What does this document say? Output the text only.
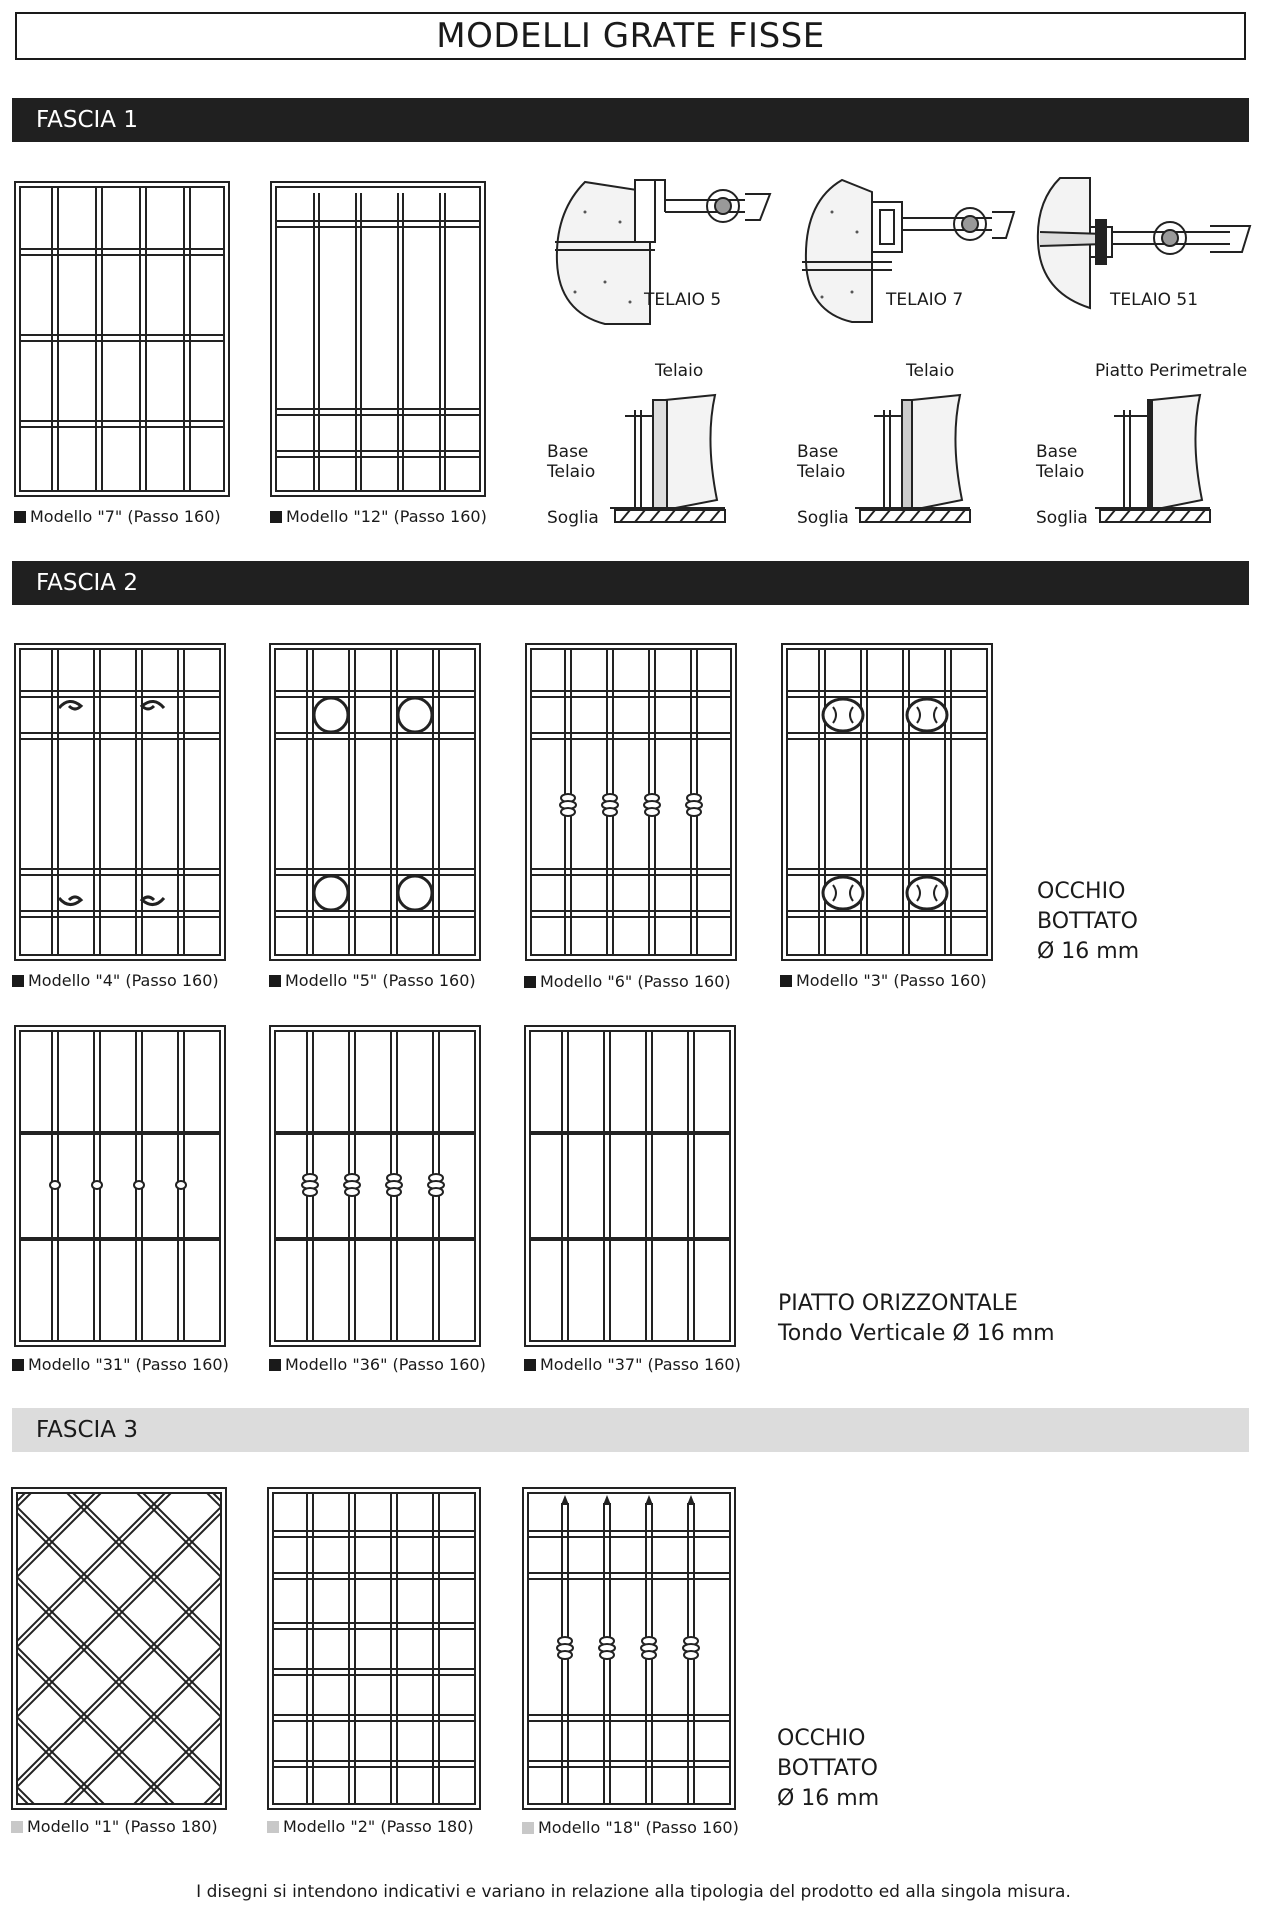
MODELLI GRATE FISSE
FASCIA 1
Modello "7" (Passo 160)	Modello "12" (Passo 160)
TELAIO 5	TELAIO 7	TELAIO 51
Telaio
Base
Telaio
Soglia
Telaio
Base
Telaio
Soglia
Piatto Perimetrale
Base
Telaio
Soglia
FASCIA 2
Modello "4" (Passo 160)	Modello "5" (Passo 160)	Modello "6" (Passo 160)	Modello "3" (Passo 160)
OCCHIO
BOTTATO
Ø 16 mm
Modello "31" (Passo 160)	Modello "36" (Passo 160)	Modello "37" (Passo 160)
PIATTO ORIZZONTALE
Tondo Verticale Ø 16 mm
FASCIA 3
Modello "1" (Passo 180)	Modello "2" (Passo 180)	Modello "18" (Passo 160)
OCCHIO
BOTTATO
Ø 16 mm
I disegni si intendono indicativi e variano in relazione alla tipologia del prodotto ed alla singola misura.
